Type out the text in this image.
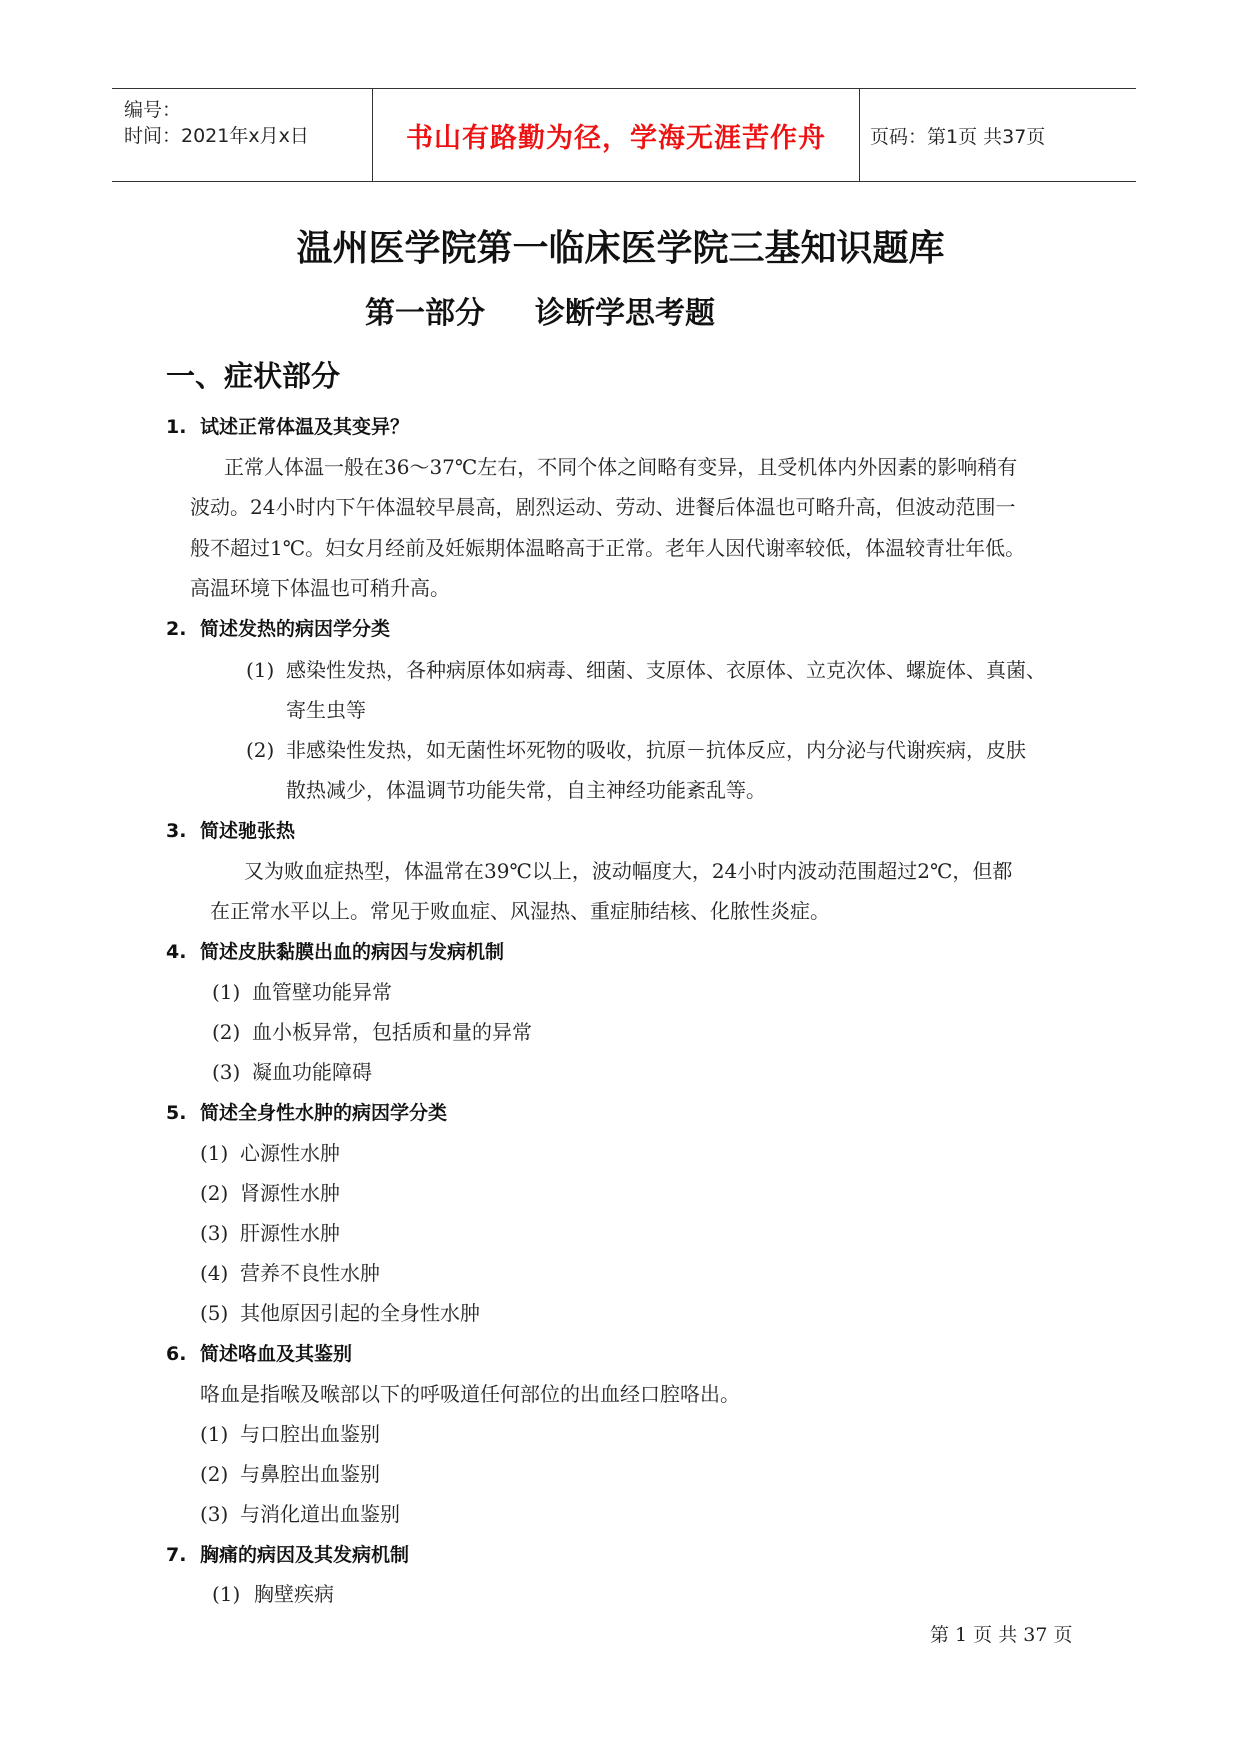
编号：
时间：2021年x月x日	书山有路勤为径，学海无涯苦作舟 页码：第1页 共37页
温州医学院第一临床医学院三基知识题库
第一部分 诊断学思考题
一、症状部分
1. 试述正常体温及其变异？
正常人体温一般在36～37℃左右，不同个体之间略有变异，且受机体内外因素的影响稍有
波动。24小时内下午体温较早晨高，剧烈运动、劳动、进餐后体温也可略升高，但波动范围一
般不超过1℃。妇女月经前及妊娠期体温略高于正常。老年人因代谢率较低，体温较青壮年低。
高温环境下体温也可稍升高。
2. 简述发热的病因学分类
(1) 感染性发热，各种病原体如病毒、细菌、支原体、衣原体、立克次体、螺旋体、真菌、
寄生虫等
(2) 非感染性发热，如无菌性坏死物的吸收，抗原－抗体反应，内分泌与代谢疾病，皮肤
散热减少，体温调节功能失常，自主神经功能紊乱等。
3. 简述驰张热
又为败血症热型，体温常在39℃以上，波动幅度大，24小时内波动范围超过2℃，但都
在正常水平以上。常见于败血症、风湿热、重症肺结核、化脓性炎症。
4. 简述皮肤黏膜出血的病因与发病机制
(1) 血管壁功能异常
(2) 血小板异常，包括质和量的异常
(3) 凝血功能障碍
5. 简述全身性水肿的病因学分类
(1) 心源性水肿
(2) 肾源性水肿
(3) 肝源性水肿
(4) 营养不良性水肿
(5) 其他原因引起的全身性水肿
6. 简述咯血及其鉴别
咯血是指喉及喉部以下的呼吸道任何部位的出血经口腔咯出。
(1) 与口腔出血鉴别
(2) 与鼻腔出血鉴别
(3) 与消化道出血鉴别
7. 胸痛的病因及其发病机制
(1) 胸壁疾病
第 1 页 共 37 页
